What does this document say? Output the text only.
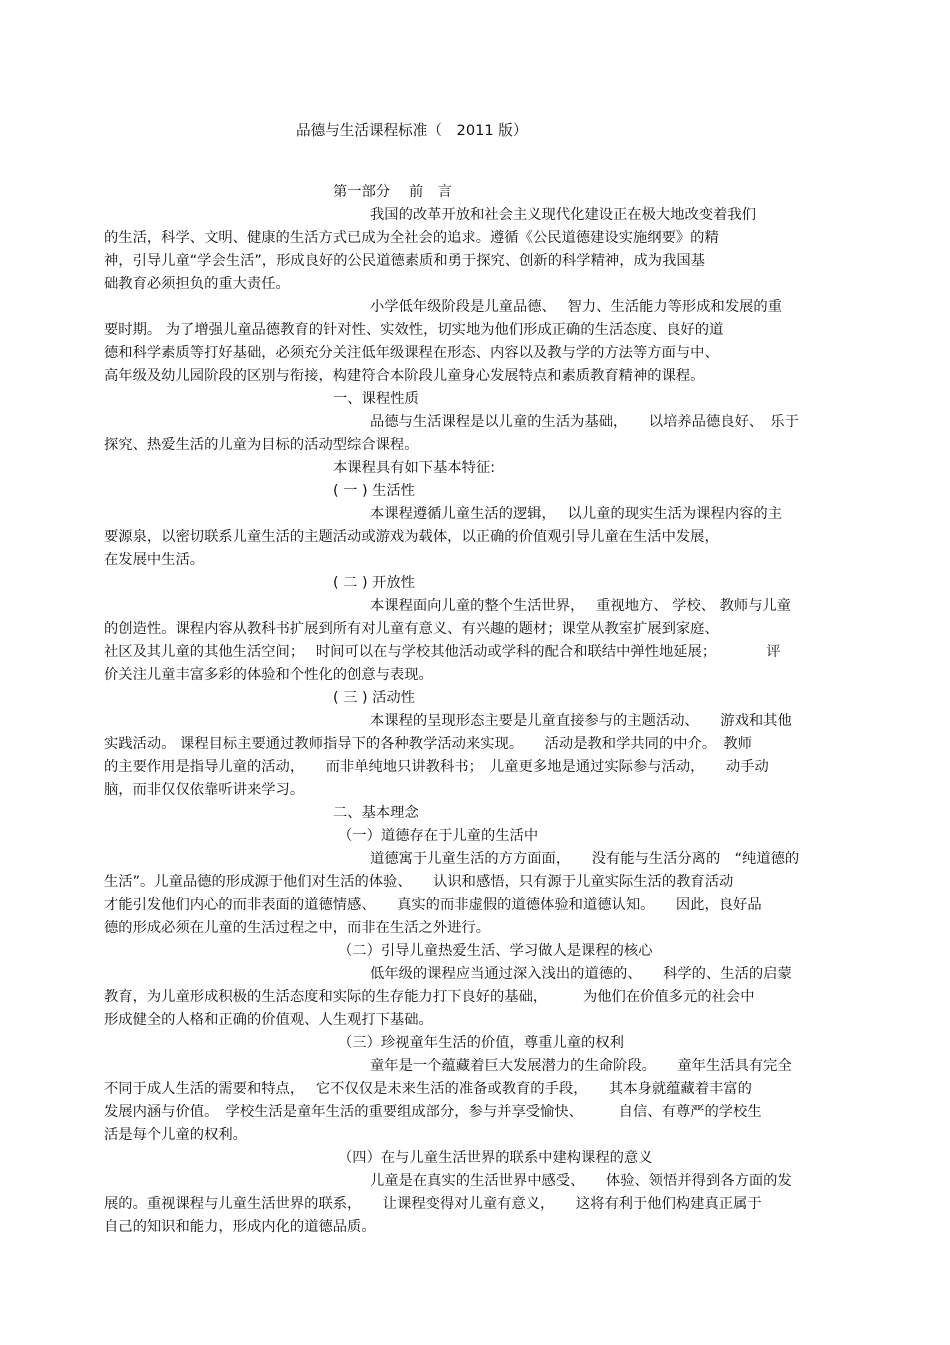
品德与生活课程标准（　2011 版）
第一部分　 前　言
我国的改革开放和社会主义现代化建设正在极大地改变着我们
的生活，科学、文明、健康的生活方式已成为全社会的追求。遵循《公民道德建设实施纲要》的精
神，引导儿童“学会生活”，形成良好的公民道德素质和勇于探究、创新的科学精神，成为我国基
础教育必须担负的重大责任。
小学低年级阶段是儿童品德、　 智力、生活能力等形成和发展的重
要时期。 为了增强儿童品德教育的针对性、实效性，切实地为他们形成正确的生活态度、良好的道
德和科学素质等打好基础，必须充分关注低年级课程在形态、内容以及教与学的方法等方面与中、
高年级及幼儿园阶段的区别与衔接，构建符合本阶段儿童身心发展特点和素质教育精神的课程。
一、课程性质
品德与生活课程是以儿童的生活为基础，　　以培养品德良好、　乐于
探究、热爱生活的儿童为目标的活动型综合课程。
本课程具有如下基本特征:
( 一 ) 生活性
本课程遵循儿童生活的逻辑，　 以儿童的现实生活为课程内容的主
要源泉，以密切联系儿童生活的主题活动或游戏为载体，以正确的价值观引导儿童在生活中发展，
在发展中生活。
( 二 ) 开放性
本课程面向儿童的整个生活世界，　 重视地方、 学校、 教师与儿童
的创造性。课程内容从教科书扩展到所有对儿童有意义、有兴趣的题材；课堂从教室扩展到家庭、
社区及其儿童的其他生活空间；　 时间可以在与学校其他活动或学科的配合和联结中弹性地延展；　　　　评
价关注儿童丰富多彩的体验和个性化的创意与表现。
( 三 ) 活动性
本课程的呈现形态主要是儿童直接参与的主题活动、　　游戏和其他
实践活动。 课程目标主要通过教师指导下的各种教学活动来实现。　　活动是教和学共同的中介。　教师
的主要作用是指导儿童的活动，　　而非单纯地只讲教科书；　儿童更多地是通过实际参与活动，　　动手动
脑，而非仅仅依靠听讲来学习。
二、基本理念
（一）道德存在于儿童的生活中
道德寓于儿童生活的方方面面，　　没有能与生活分离的　“纯道德的
生活”。儿童品德的形成源于他们对生活的体验、　　认识和感悟，只有源于儿童实际生活的教育活动
才能引发他们内心的而非表面的道德情感、　　真实的而非虚假的道德体验和道德认知。　　因此，良好品
德的形成必须在儿童的生活过程之中，而非在生活之外进行。
（二）引导儿童热爱生活、学习做人是课程的核心
低年级的课程应当通过深入浅出的道德的、　　科学的、生活的启蒙
教育，为儿童形成积极的生活态度和实际的生存能力打下良好的基础，　　　为他们在价值多元的社会中
形成健全的人格和正确的价值观、人生观打下基础。
（三）珍视童年生活的价值，尊重儿童的权利
童年是一个蕴藏着巨大发展潜力的生命阶段。　　童年生活具有完全
不同于成人生活的需要和特点，　 它不仅仅是未来生活的准备或教育的手段，　　其本身就蕴藏着丰富的
发展内涵与价值。　学校生活是童年生活的重要组成部分，参与并享受愉快、　　　自信、有尊严的学校生
活是每个儿童的权利。
（四）在与儿童生活世界的联系中建构课程的意义
儿童是在真实的生活世界中感受、　　体验、领悟并得到各方面的发
展的。重视课程与儿童生活世界的联系，　　让课程变得对儿童有意义，　　这将有利于他们构建真正属于
自己的知识和能力，形成内化的道德品质。
